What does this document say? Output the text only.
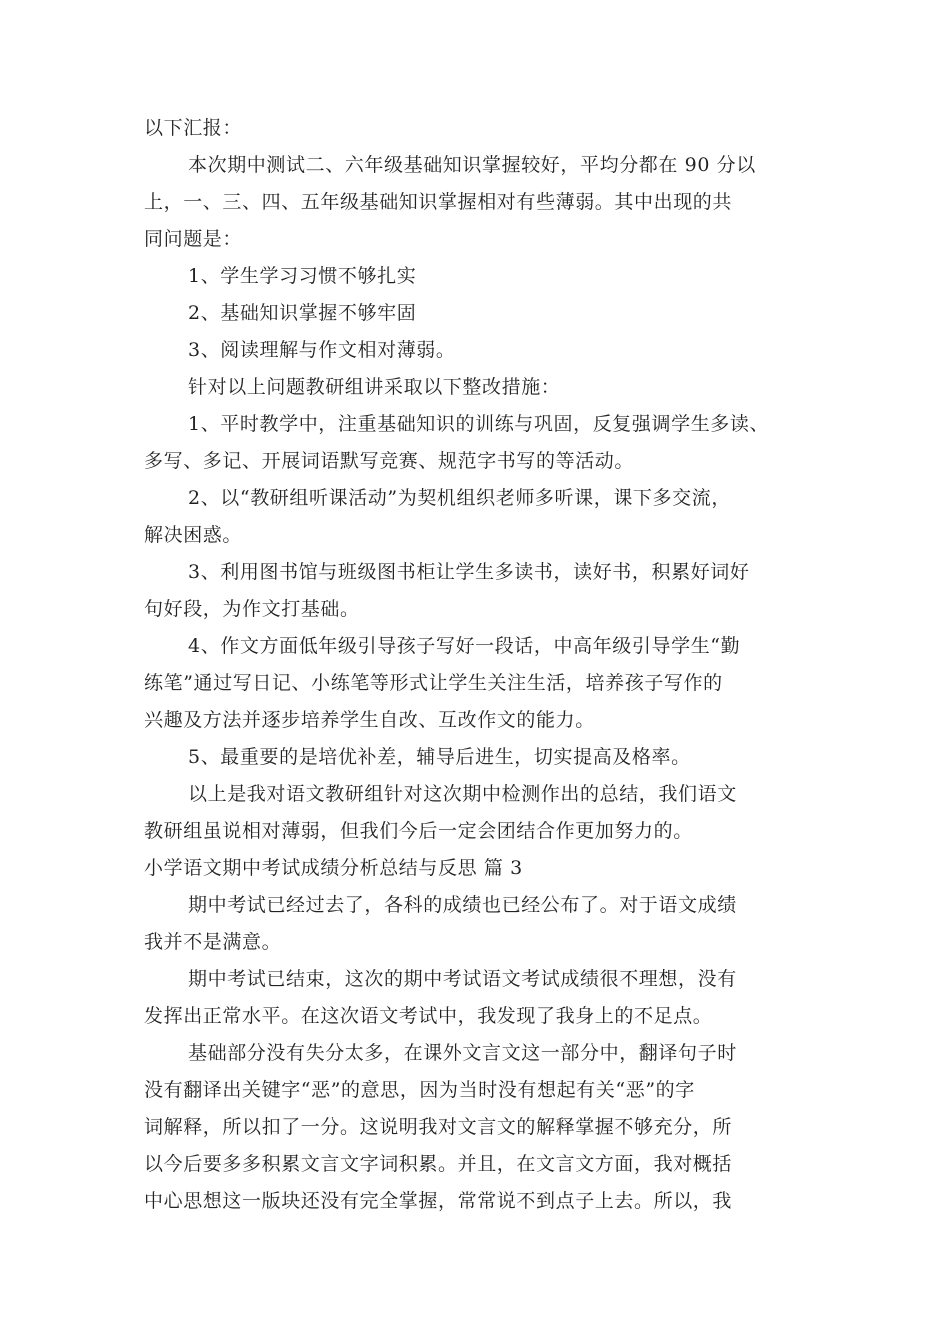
以下汇报：
本次期中测试二、六年级基础知识掌握较好，平均分都在 90 分以
上，一、三、四、五年级基础知识掌握相对有些薄弱。其中出现的共
同问题是：
1、学生学习习惯不够扎实
2、基础知识掌握不够牢固
3、阅读理解与作文相对薄弱。
针对以上问题教研组讲采取以下整改措施：
1、平时教学中，注重基础知识的训练与巩固，反复强调学生多读、
多写、多记、开展词语默写竞赛、规范字书写的等活动。
2、以“教研组听课活动”为契机组织老师多听课，课下多交流，
解决困惑。
3、利用图书馆与班级图书柜让学生多读书，读好书，积累好词好
句好段，为作文打基础。
4、作文方面低年级引导孩子写好一段话，中高年级引导学生“勤
练笔”通过写日记、小练笔等形式让学生关注生活，培养孩子写作的
兴趣及方法并逐步培养学生自改、互改作文的能力。
5、最重要的是培优补差，辅导后进生，切实提高及格率。
以上是我对语文教研组针对这次期中检测作出的总结，我们语文
教研组虽说相对薄弱，但我们今后一定会团结合作更加努力的。
小学语文期中考试成绩分析总结与反思 篇 3
期中考试已经过去了，各科的成绩也已经公布了。对于语文成绩
我并不是满意。
期中考试已结束，这次的期中考试语文考试成绩很不理想，没有
发挥出正常水平。在这次语文考试中，我发现了我身上的不足点。
基础部分没有失分太多，在课外文言文这一部分中，翻译句子时
没有翻译出关键字“恶”的意思，因为当时没有想起有关“恶”的字
词解释，所以扣了一分。这说明我对文言文的解释掌握不够充分，所
以今后要多多积累文言文字词积累。并且，在文言文方面，我对概括
中心思想这一版块还没有完全掌握，常常说不到点子上去。所以，我
